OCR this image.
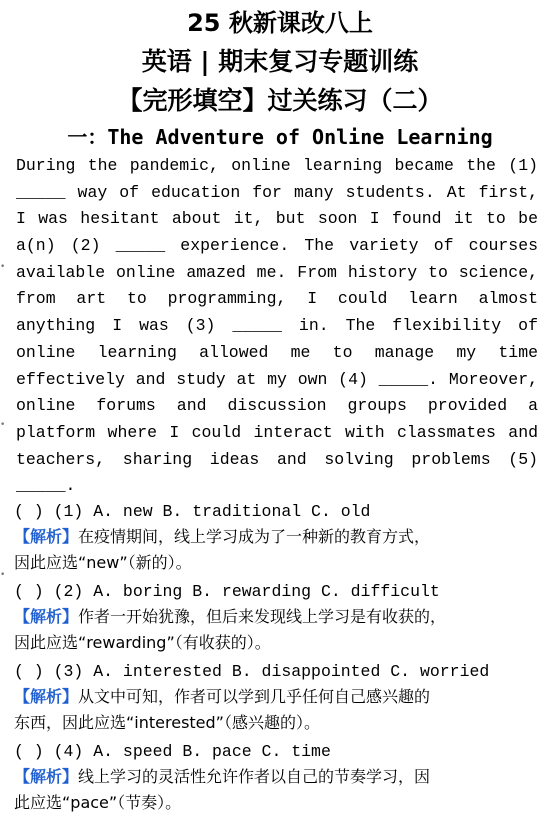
25 秋新课改八上
英语 | 期末复习专题训练
【完形填空】过关练习（二）
一：The Adventure of Online Learning
During the pandemic, online learning became the (1)
_____ way of education for many students. At first,
I was hesitant about it, but soon I found it to be
a(n) (2) _____ experience. The variety of courses
available online amazed me. From history to science,
from art to programming, I could learn almost
anything I was (3) _____ in. The flexibility of
online learning allowed me to manage my time
effectively and study at my own (4) _____. Moreover,
online forums and discussion groups provided a
platform where I could interact with classmates and
teachers, sharing ideas and solving problems (5)
_____.
( ) (1) A. new B. traditional C. old
【解析】在疫情期间，线上学习成为了一种新的教育方式，
因此应选“new”（新的）。
( ) (2) A. boring B. rewarding C. difficult
【解析】作者一开始犹豫，但后来发现线上学习是有收获的，
因此应选“rewarding”（有收获的）。
( ) (3) A. interested B. disappointed C. worried
【解析】从文中可知，作者可以学到几乎任何自己感兴趣的
东西，因此应选“interested”（感兴趣的）。
( ) (4) A. speed B. pace C. time
【解析】线上学习的灵活性允许作者以自己的节奏学习，因
此应选“pace”（节奏）。
•
•
•
